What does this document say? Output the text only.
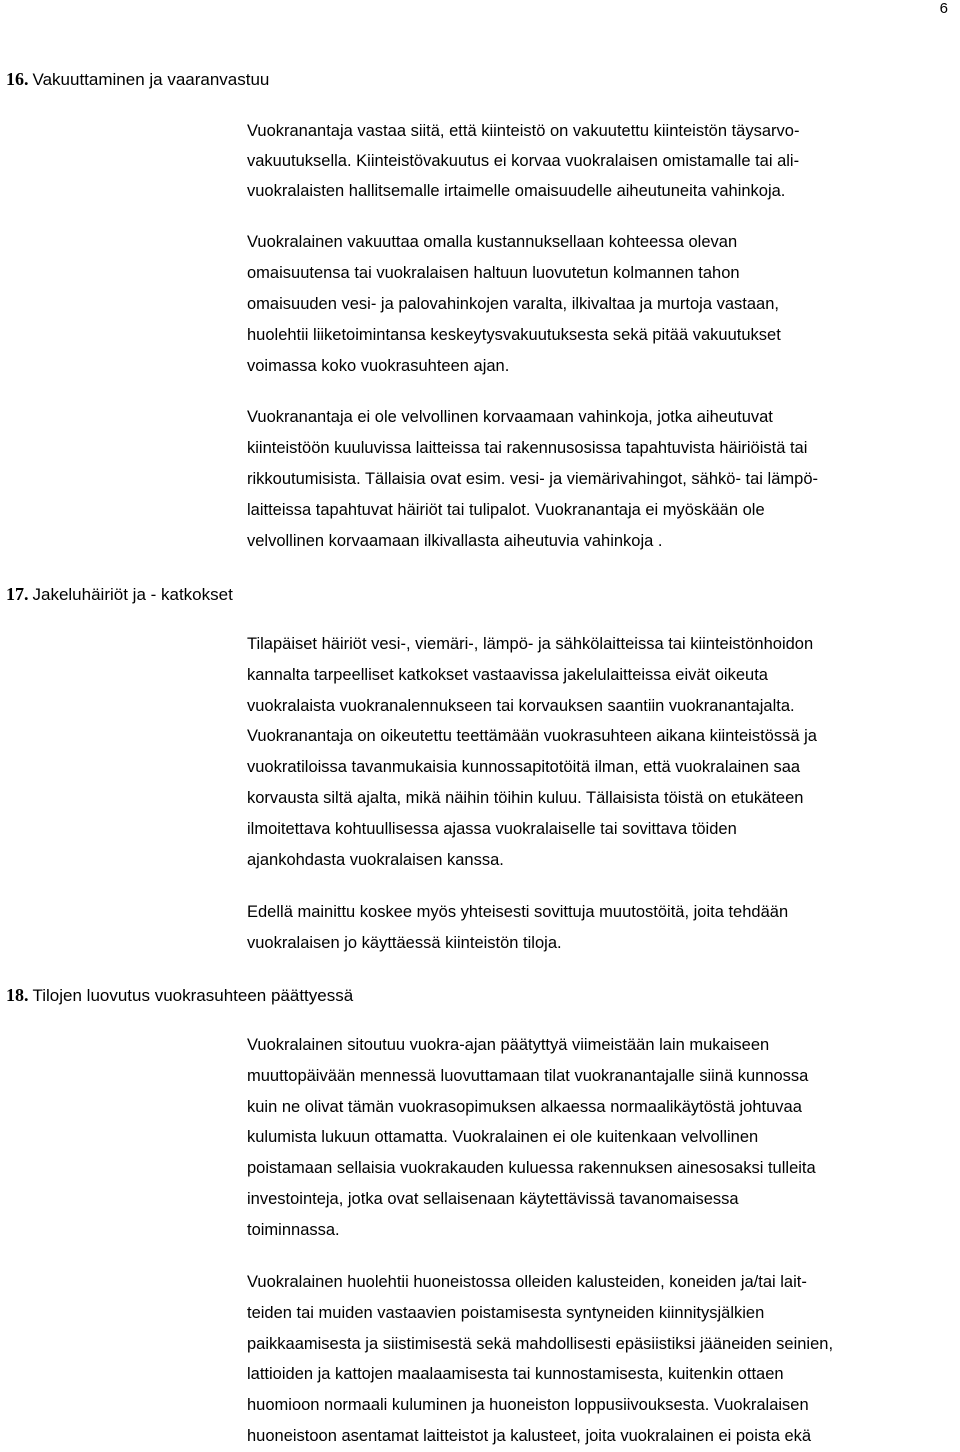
6
16. Vakuuttaminen ja vaaranvastuu

Vuokranantaja vastaa siitä, että kiinteistö on vakuutettu kiinteistön täysarvo-
vakuutuksella. Kiinteistövakuutus ei korvaa vuokralaisen omistamalle tai ali-
vuokralaisten hallitsemalle irtaimelle omaisuudelle aiheutuneita vahinkoja.

Vuokralainen vakuuttaa omalla kustannuksellaan kohteessa olevan
omaisuutensa tai vuokralaisen haltuun luovutetun kolmannen tahon
omaisuuden vesi- ja palovahinkojen varalta, ilkivaltaa ja murtoja vastaan,
huolehtii liiketoimintansa keskeytysvakuutuksesta sekä pitää vakuutukset
voimassa koko vuokrasuhteen ajan.

Vuokranantaja ei ole velvollinen korvaamaan vahinkoja, jotka aiheutuvat
kiinteistöön kuuluvissa laitteissa tai rakennusosissa tapahtuvista häiriöistä tai
rikkoutumisista. Tällaisia ovat esim. vesi- ja viemärivahingot, sähkö- tai lämpö-
laitteissa tapahtuvat häiriöt tai tulipalot. Vuokranantaja ei myöskään ole
velvollinen korvaamaan ilkivallasta aiheutuvia vahinkoja .

17. Jakeluhäiriöt ja - katkokset

Tilapäiset häiriöt vesi-, viemäri-, lämpö- ja sähkölaitteissa tai kiinteistönhoidon
kannalta tarpeelliset katkokset vastaavissa jakelulaitteissa eivät oikeuta
vuokralaista vuokranalennukseen tai korvauksen saantiin vuokranantajalta.
Vuokranantaja on oikeutettu teettämään vuokrasuhteen aikana kiinteistössä ja
vuokratiloissa tavanmukaisia kunnossapitotöitä ilman, että vuokralainen saa
korvausta siltä ajalta, mikä näihin töihin kuluu. Tällaisista töistä on etukäteen
ilmoitettava kohtuullisessa ajassa vuokralaiselle tai sovittava töiden
ajankohdasta vuokralaisen kanssa.

Edellä mainittu koskee myös yhteisesti sovittuja muutostöitä, joita tehdään
vuokralaisen jo käyttäessä kiinteistön tiloja.

18. Tilojen luovutus vuokrasuhteen päättyessä

Vuokralainen sitoutuu vuokra-ajan päätyttyä viimeistään lain mukaiseen
muuttopäivään mennessä luovuttamaan tilat vuokranantajalle siinä kunnossa
kuin ne olivat tämän vuokrasopimuksen alkaessa normaalikäytöstä johtuvaa
kulumista lukuun ottamatta. Vuokralainen ei ole kuitenkaan velvollinen
poistamaan sellaisia vuokrakauden kuluessa rakennuksen ainesosaksi tulleita
investointeja, jotka ovat sellaisenaan käytettävissä tavanomaisessa
toiminnassa.

Vuokralainen huolehtii huoneistossa olleiden kalusteiden, koneiden ja/tai lait-
teiden tai muiden vastaavien poistamisesta syntyneiden kiinnitysjälkien
paikkaamisesta ja siistimisestä sekä mahdollisesti epäsiistiksi jääneiden seinien,
lattioiden ja kattojen maalaamisesta tai kunnostamisesta, kuitenkin ottaen
huomioon normaali kuluminen ja huoneiston loppusiivouksesta. Vuokralaisen
huoneistoon asentamat laitteistot ja kalusteet, joita vuokralainen ei poista ekä
